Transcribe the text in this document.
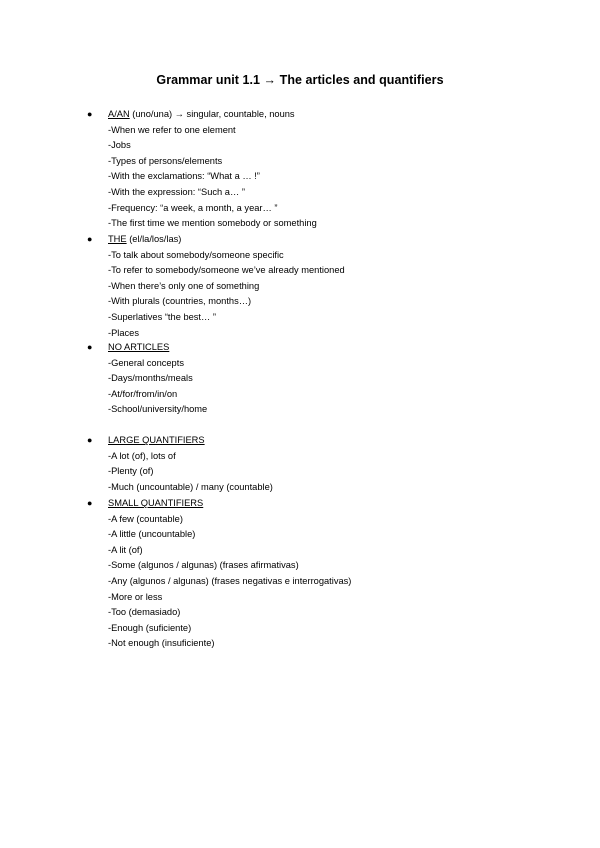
Grammar unit 1.1 → The articles and quantifiers
● A/AN (uno/una) → singular, countable, nouns
-When we refer to one element
-Jobs
-Types of persons/elements
-With the exclamations: “What a … !”
-With the expression: “Such a… ”
-Frequency: “a week, a month, a year… ”
-The first time we mention somebody or something
● THE (el/la/los/las)
-To talk about somebody/someone specific
-To refer to somebody/someone we’ve already mentioned
-When there’s only one of something
-With plurals (countries, months…)
-Superlatives “the best… ”
-Places
● NO ARTICLES
-General concepts
-Days/months/meals
-At/for/from/in/on
-School/university/home
● LARGE QUANTIFIERS
-A lot (of), lots of
-Plenty (of)
-Much (uncountable) / many (countable)
● SMALL QUANTIFIERS
-A few (countable)
-A little (uncountable)
-A lit (of)
-Some (algunos / algunas) (frases afirmativas)
-Any (algunos / algunas) (frases negativas e interrogativas)
-More or less
-Too (demasiado)
-Enough (suficiente)
-Not enough (insuficiente)
